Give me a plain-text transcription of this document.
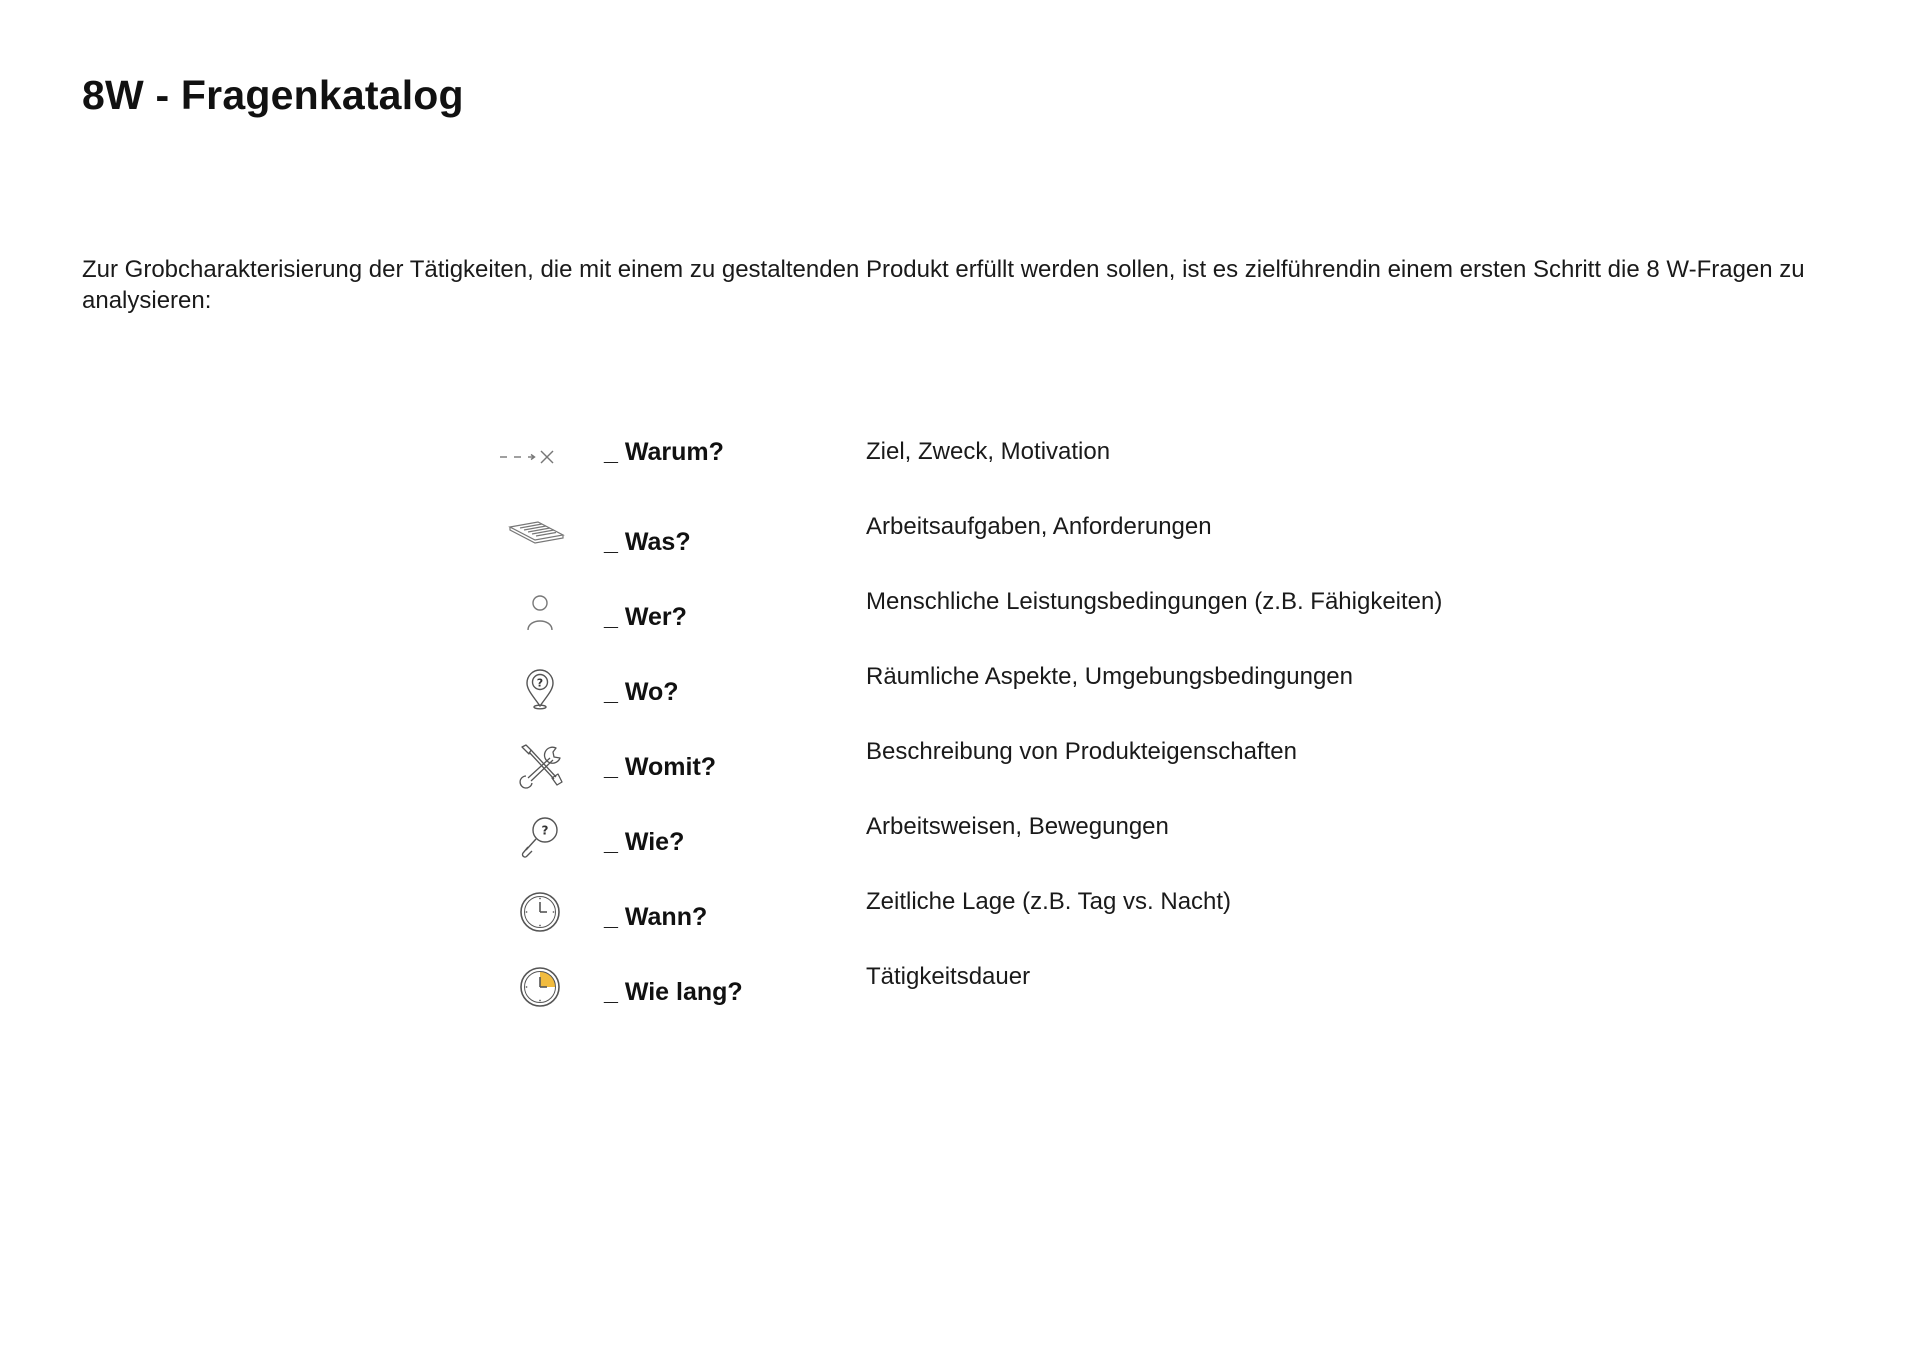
8W - Fragenkatalog

Zur Grobcharakterisierung der Tätigkeiten, die mit einem zu gestaltenden Produkt erfüllt werden sollen, ist es zielführendin einem ersten Schritt die 8 W-Fragen zu analysieren:

_ Warum?	Ziel, Zweck, Motivation
_ Was?
Arbeitsaufgaben, Anforderungen
_ Wer?
Menschliche Leistungsbedingungen (z.B. Fähigkeiten)
? _ Wo?
Räumliche Aspekte, Umgebungsbedingungen
_ Womit?
Beschreibung von Produkteigenschaften
? _ Wie?
Arbeitsweisen, Bewegungen
_ Wann?
Zeitliche Lage (z.B. Tag vs. Nacht)
_ Wie lang?
Tätigkeitsdauer
